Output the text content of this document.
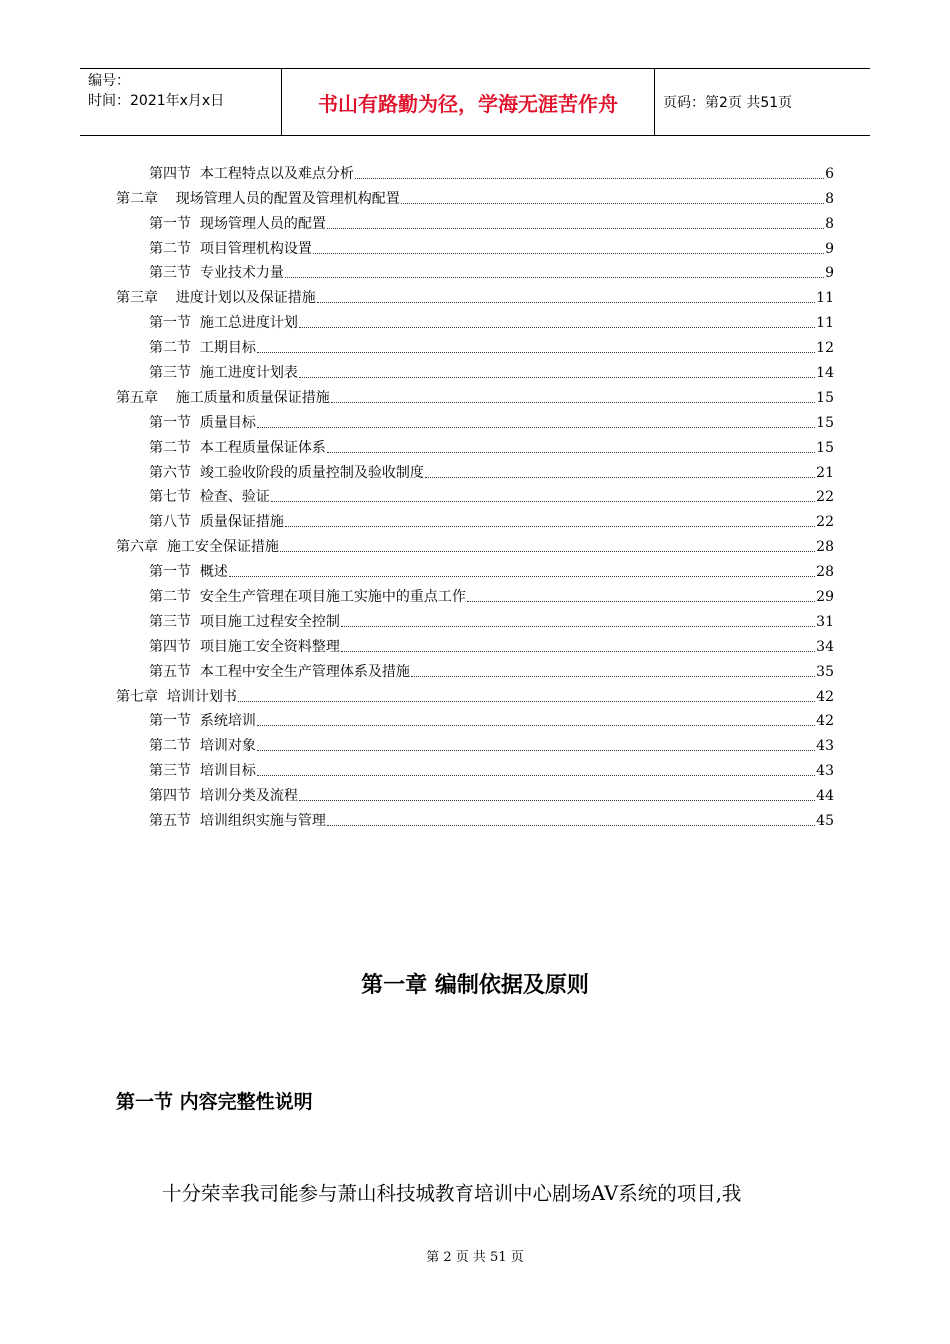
编号：
时间：2021年x月x日	书山有路勤为径，学海无涯苦作舟	页码：第2页 共51页
第四节  本工程特点以及难点分析	6
第二章    现场管理人员的配置及管理机构配置	8
第一节  现场管理人员的配置	8
第二节  项目管理机构设置	9
第三节  专业技术力量	9
第三章    进度计划以及保证措施	11
第一节  施工总进度计划	11
第二节  工期目标	12
第三节  施工进度计划表	14
第五章    施工质量和质量保证措施	15
第一节  质量目标	15
第二节  本工程质量保证体系	15
第六节  竣工验收阶段的质量控制及验收制度	21
第七节  检查、验证	22
第八节  质量保证措施	22
第六章  施工安全保证措施	28
第一节  概述	28
第二节  安全生产管理在项目施工实施中的重点工作	29
第三节  项目施工过程安全控制	31
第四节  项目施工安全资料整理	34
第五节  本工程中安全生产管理体系及措施	35
第七章  培训计划书	42
第一节  系统培训	42
第二节  培训对象	43
第三节  培训目标	43
第四节  培训分类及流程	44
第五节  培训组织实施与管理	45
第一章 编制依据及原则
第一节 内容完整性说明
十分荣幸我司能参与萧山科技城教育培训中心剧场AV系统的项目,我
第 2 页 共 51 页
